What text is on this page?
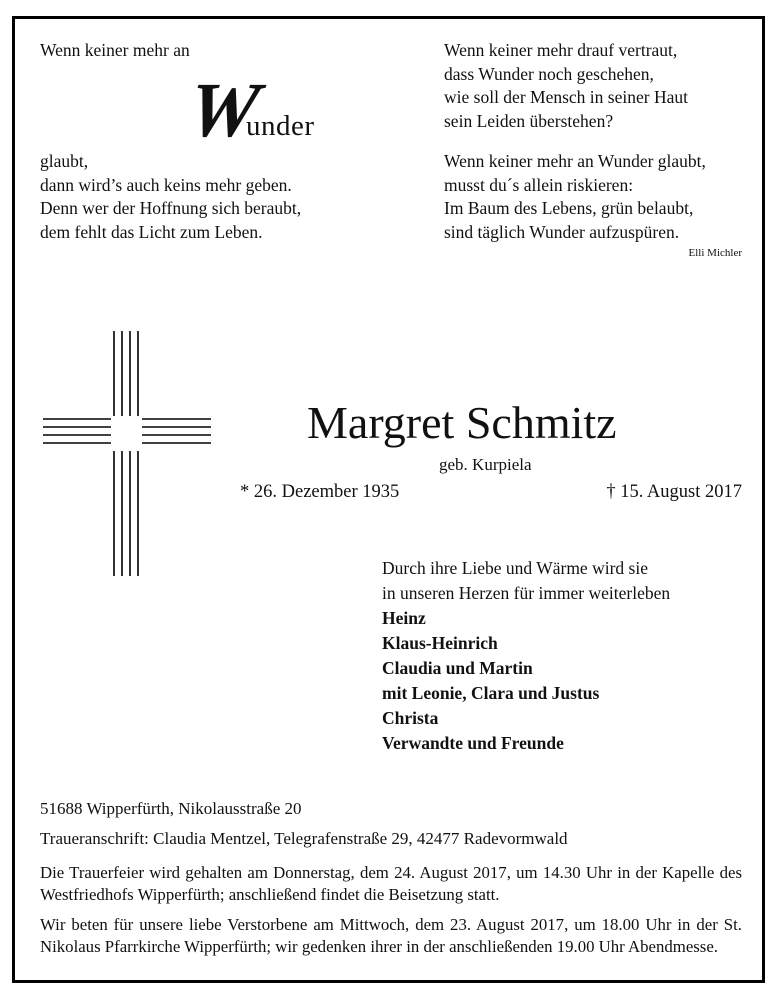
Wenn keiner mehr an
W
under
glaubt,
dann wird’s auch keins mehr geben.
Denn wer der Hoffnung sich beraubt,
dem fehlt das Licht zum Leben.
Wenn keiner mehr drauf vertraut,
dass Wunder noch geschehen,
wie soll der Mensch in seiner Haut
sein Leiden überstehen?
Wenn keiner mehr an Wunder glaubt,
musst du´s allein riskieren:
Im Baum des Lebens, grün belaubt,
sind täglich Wunder aufzuspüren.
Elli Michler
Margret Schmitz
geb. Kurpiela
* 26. Dezember 1935	† 15. August 2017
Durch ihre Liebe und Wärme wird sie
in unseren Herzen für immer weiterleben
Heinz
Klaus-Heinrich
Claudia und Martin
mit Leonie, Clara und Justus
Christa
Verwandte und Freunde
51688 Wipperfürth, Nikolausstraße 20
Traueranschrift: Claudia Mentzel, Telegrafenstraße 29, 42477 Radevormwald
Die Trauerfeier wird gehalten am Donnerstag, dem 24. August 2017, um 14.30 Uhr in der Kapelle des Westfriedhofs Wipperfürth; anschließend findet die Beisetzung statt.
Wir beten für unsere liebe Verstorbene am Mittwoch, dem 23. August 2017, um 18.00 Uhr in der St. Nikolaus Pfarrkirche Wipperfürth; wir gedenken ihrer in der anschließenden 19.00 Uhr Abendmesse.
